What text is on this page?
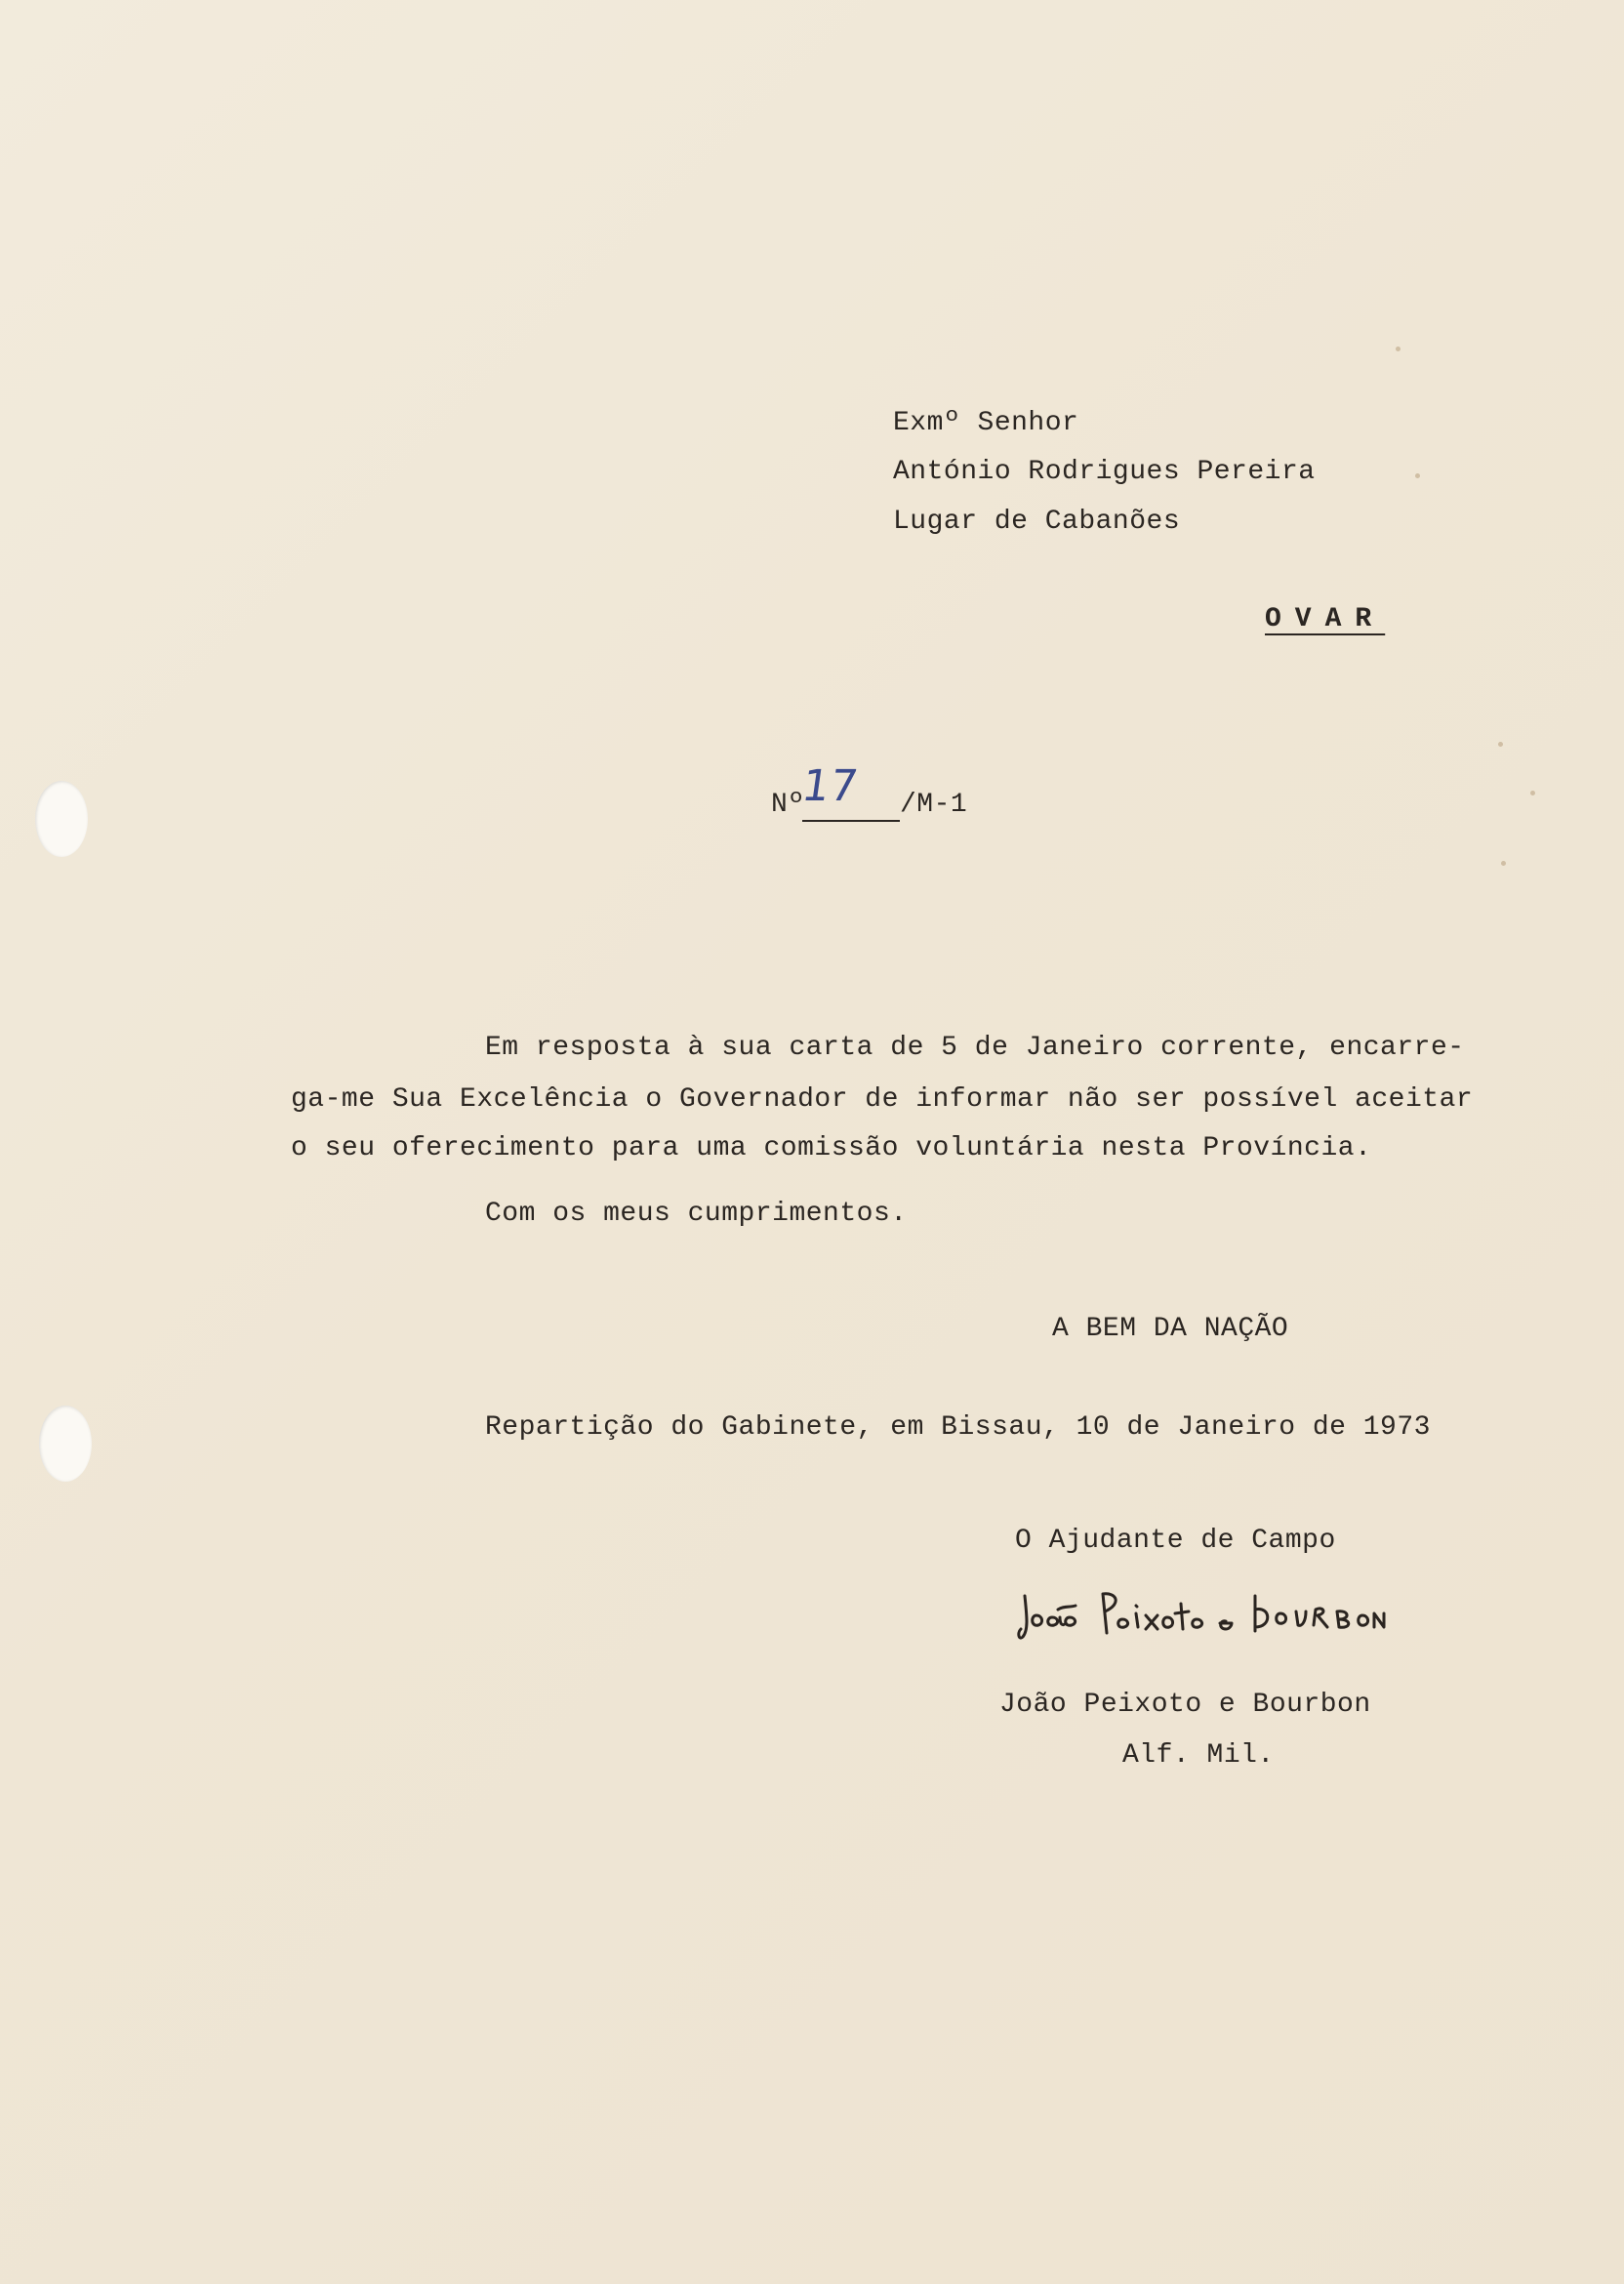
Exmº Senhor
António Rodrigues Pereira
Lugar de Cabanões
OVAR
Nº
17 /M-1
Em resposta à sua carta de 5 de Janeiro corrente, encarre-
ga-me Sua Excelência o Governador de informar não ser possível aceitar
o seu oferecimento para uma comissão voluntária nesta Província.
Com os meus cumprimentos.
A BEM DA NAÇÃO
Repartição do Gabinete, em Bissau, 10 de Janeiro de 1973
O Ajudante de Campo
João Peixoto e Bourbon
Alf. Mil.
